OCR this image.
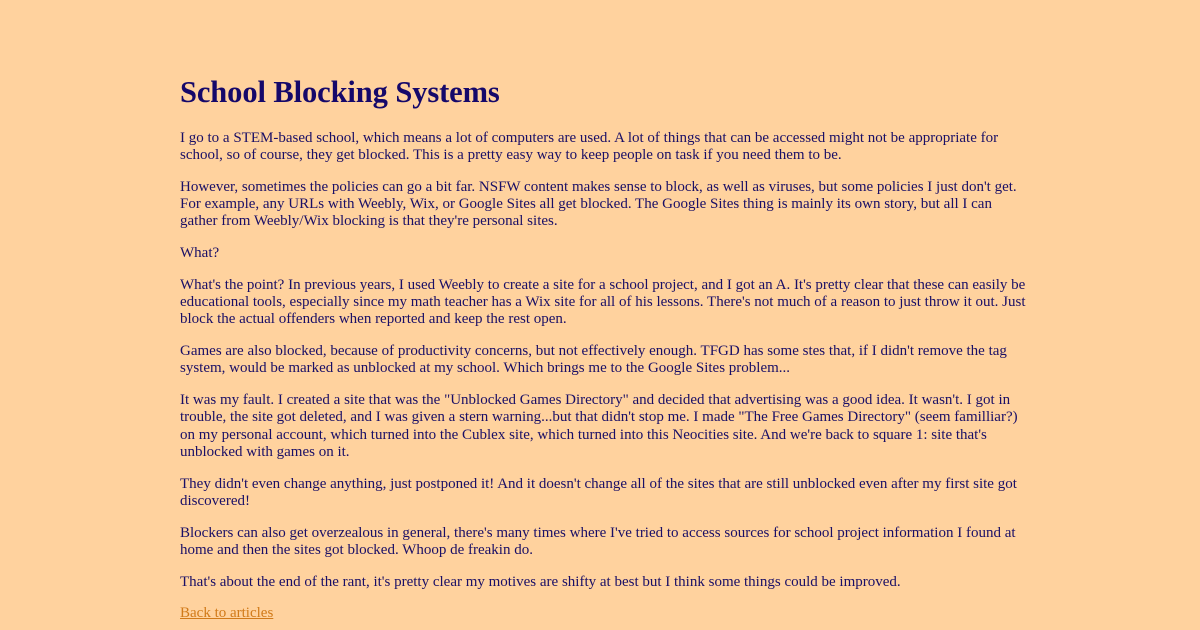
School Blocking Systems

I go to a STEM-based school, which means a lot of computers are used. A lot of things that can be accessed might not be appropriate for school, so of course, they get blocked. This is a pretty easy way to keep people on task if you need them to be.

However, sometimes the policies can go a bit far. NSFW content makes sense to block, as well as viruses, but some policies I just don't get. For example, any URLs with Weebly, Wix, or Google Sites all get blocked. The Google Sites thing is mainly its own story, but all I can gather from Weebly/Wix blocking is that they're personal sites.

What?

What's the point? In previous years, I used Weebly to create a site for a school project, and I got an A. It's pretty clear that these can easily be educational tools, especially since my math teacher has a Wix site for all of his lessons. There's not much of a reason to just throw it out. Just block the actual offenders when reported and keep the rest open.

Games are also blocked, because of productivity concerns, but not effectively enough. TFGD has some stes that, if I didn't remove the tag system, would be marked as unblocked at my school. Which brings me to the Google Sites problem...

It was my fault. I created a site that was the "Unblocked Games Directory" and decided that advertising was a good idea. It wasn't. I got in trouble, the site got deleted, and I was given a stern warning...but that didn't stop me. I made "The Free Games Directory" (seem familliar?) on my personal account, which turned into the Cublex site, which turned into this Neocities site. And we're back to square 1: site that's unblocked with games on it.

They didn't even change anything, just postponed it! And it doesn't change all of the sites that are still unblocked even after my first site got discovered!

Blockers can also get overzealous in general, there's many times where I've tried to access sources for school project information I found at home and then the sites got blocked. Whoop de freakin do.

That's about the end of the rant, it's pretty clear my motives are shifty at best but I think some things could be improved.

Back to articles
